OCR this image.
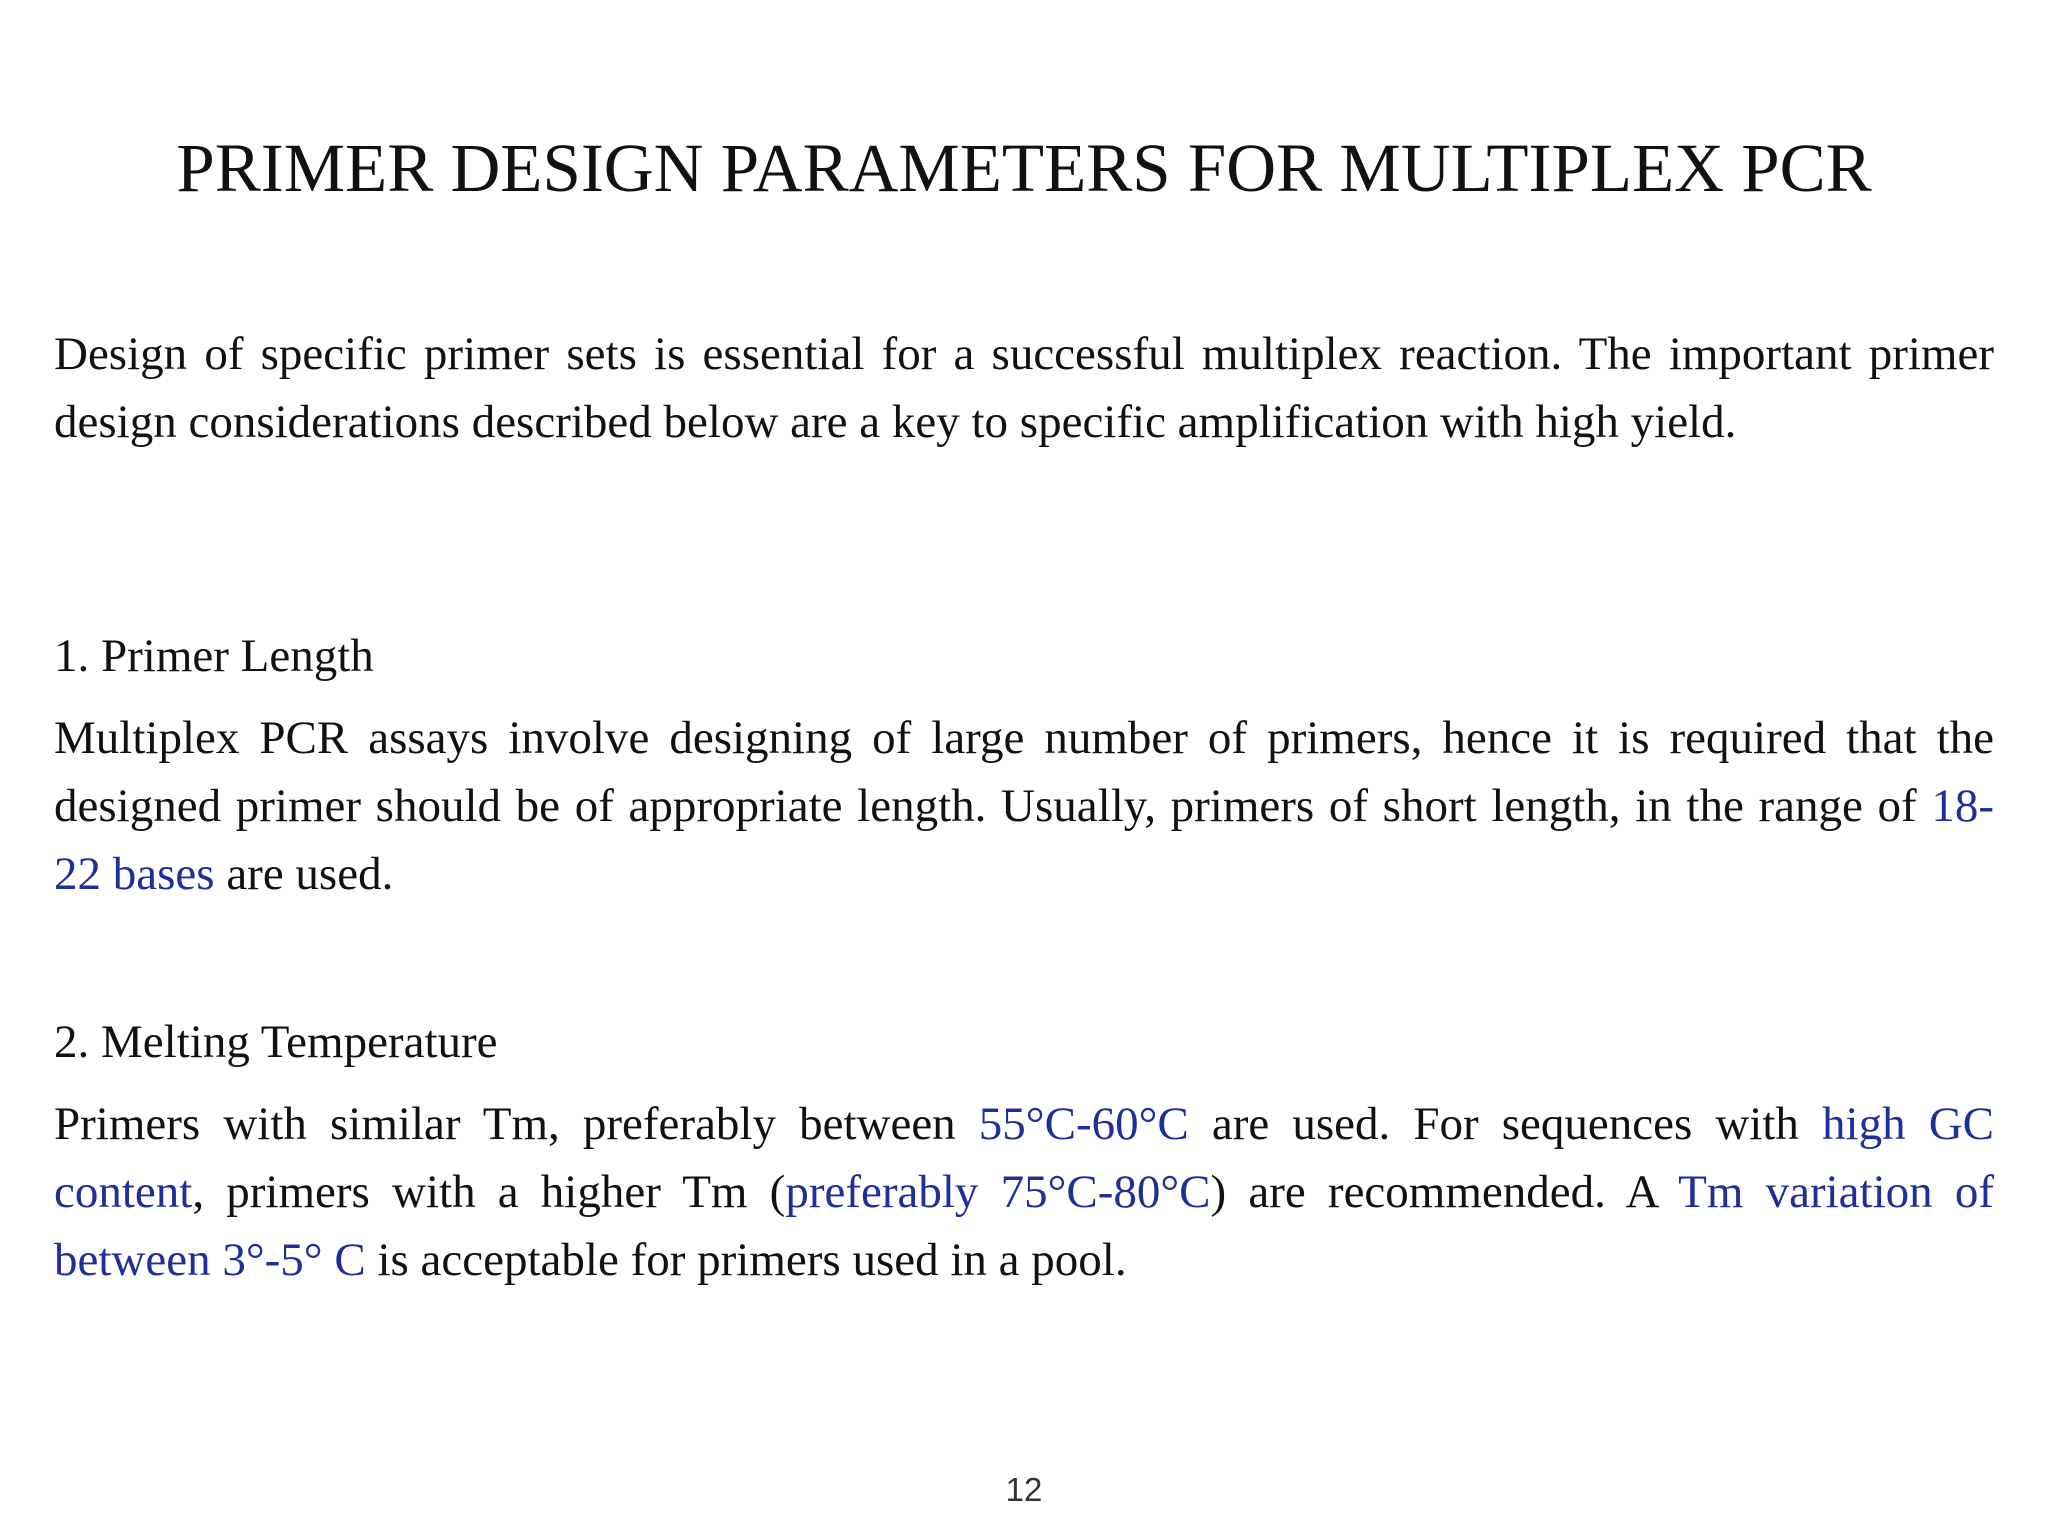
PRIMER DESIGN PARAMETERS FOR MULTIPLEX PCR
Design of specific primer sets is essential for a successful multiplex reaction. The important primer design considerations described below are a key to specific amplification with high yield.
1. Primer Length
Multiplex PCR assays involve designing of large number of primers, hence it is required that the designed primer should be of appropriate length. Usually, primers of short length, in the range of 18-22 bases are used.
2. Melting Temperature
Primers with similar Tm, preferably between 55°C-60°C are used. For sequences with high GC content, primers with a higher Tm (preferably 75°C-80°C) are recommended. A Tm variation of between 3°-5° C is acceptable for primers used in a pool.
12
